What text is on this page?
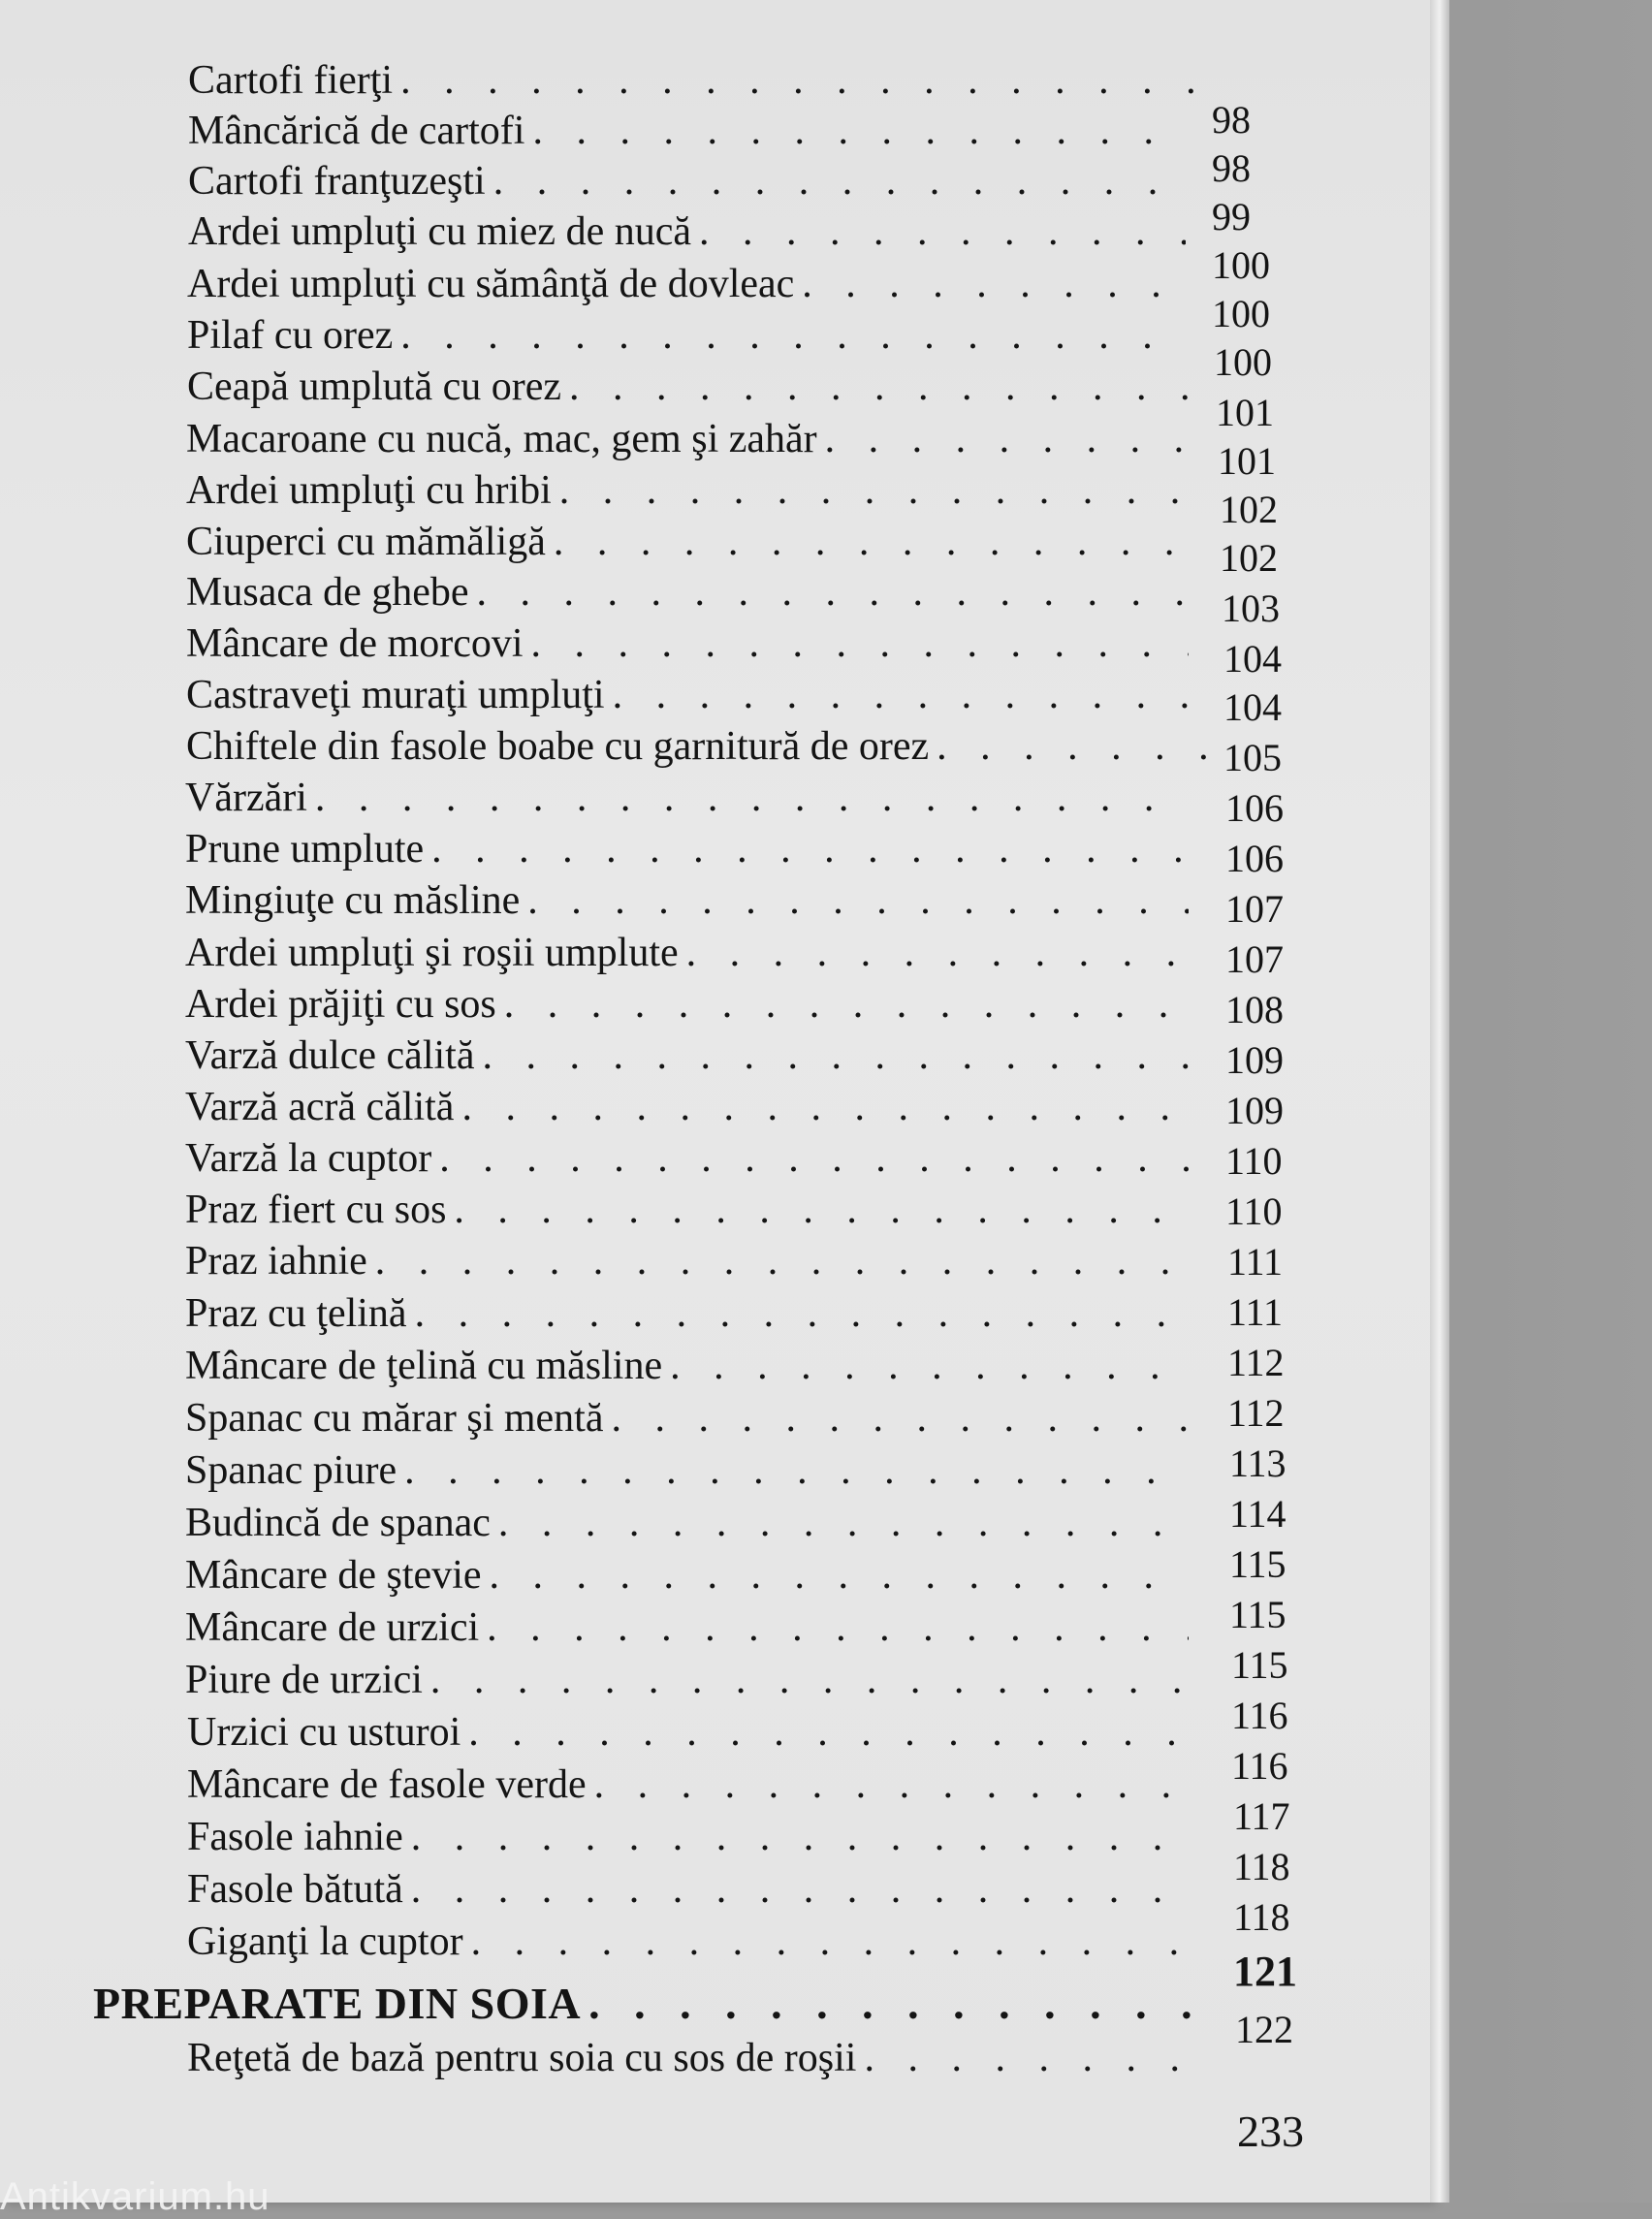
Cartofi fierţi
. . .
Mâncărică de cartofi
. . .
Cartofi franţuzeşti
. . .
Ardei umpluţi cu miez de nucă
. . .
Ardei umpluţi cu sămânţă de dovleac
. . .
Pilaf cu orez
. . .
Ceapă umplută cu orez
. . .
Macaroane cu nucă, mac, gem şi zahăr
. . .
Ardei umpluţi cu hribi
. . .
Ciuperci cu mămăligă
. . .
Musaca de ghebe
. . .
Mâncare de morcovi
. . .
Castraveţi muraţi umpluţi
. . .
Chiftele din fasole boabe cu garnitură de orez
. . .
Vărzări
. . .
Prune umplute
. . .
Mingiuţe cu măsline
. . .
Ardei umpluţi şi roşii umplute
. . .
Ardei prăjiţi cu sos
. . .
Varză dulce călită
. . .
Varză acră călită
. . .
Varză la cuptor
. . .
Praz fiert cu sos
. . .
Praz iahnie
. . .
Praz cu ţelină
. . .
Mâncare de ţelină cu măsline
. . .
Spanac cu mărar şi mentă
. . .
Spanac piure
. . .
Budincă de spanac
. . .
Mâncare de ştevie
. . .
Mâncare de urzici
. . .
Piure de urzici
. . .
Urzici cu usturoi
. . .
Mâncare de fasole verde
. . .
Fasole iahnie
. . .
Fasole bătută
. . .
Giganţi la cuptor
. . .
PREPARATE DIN SOIA
. . .
Reţetă de bază pentru soia cu sos de roşii
. . .
98
98
99
100
100
100
101
101
102
102
103
104
104
105
106
106
107
107
108
109
109
110
110
111
111
112
112
113
114
115
115
115
116
116
117
118
118
121
122
233
Antikvarium.hu
